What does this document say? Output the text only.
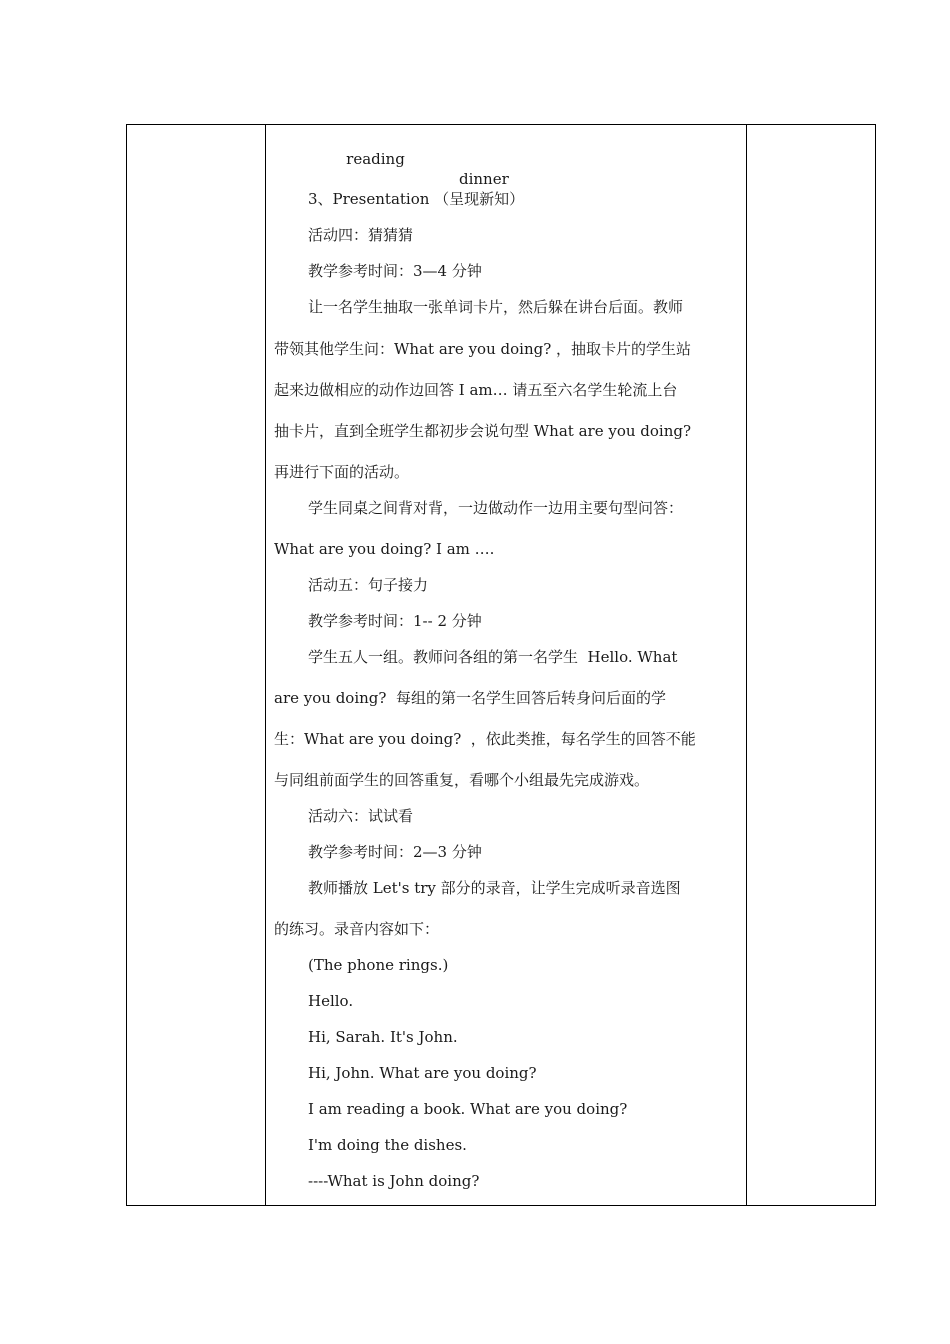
reading

dinner

3、Presentation （呈现新知）
活动四：猜猜猜
教学参考时间：3—4 分钟
让一名学生抽取一张单词卡片，然后躲在讲台后面。教师
带领其他学生问：What are you doing? ，抽取卡片的学生站
起来边做相应的动作边回答 I am… 请五至六名学生轮流上台
抽卡片，直到全班学生都初步会说句型 What are you doing?
再进行下面的活动。
学生同桌之间背对背，一边做动作一边用主要句型问答：
What are you doing? I am ….
活动五：句子接力
教学参考时间：1-- 2 分钟
学生五人一组。教师问各组的第一名学生  Hello. What
are you doing?  每组的第一名学生回答后转身问后面的学
生：What are you doing?  ，依此类推，每名学生的回答不能
与同组前面学生的回答重复，看哪个小组最先完成游戏。
活动六：试试看
教学参考时间：2—3 分钟
教师播放 Let's try 部分的录音，让学生完成听录音选图
的练习。录音内容如下：
(The phone rings.)
Hello.
Hi, Sarah. It's John.
Hi, John. What are you doing?
I am reading a book. What are you doing?
I'm doing the dishes.
----What is John doing?
